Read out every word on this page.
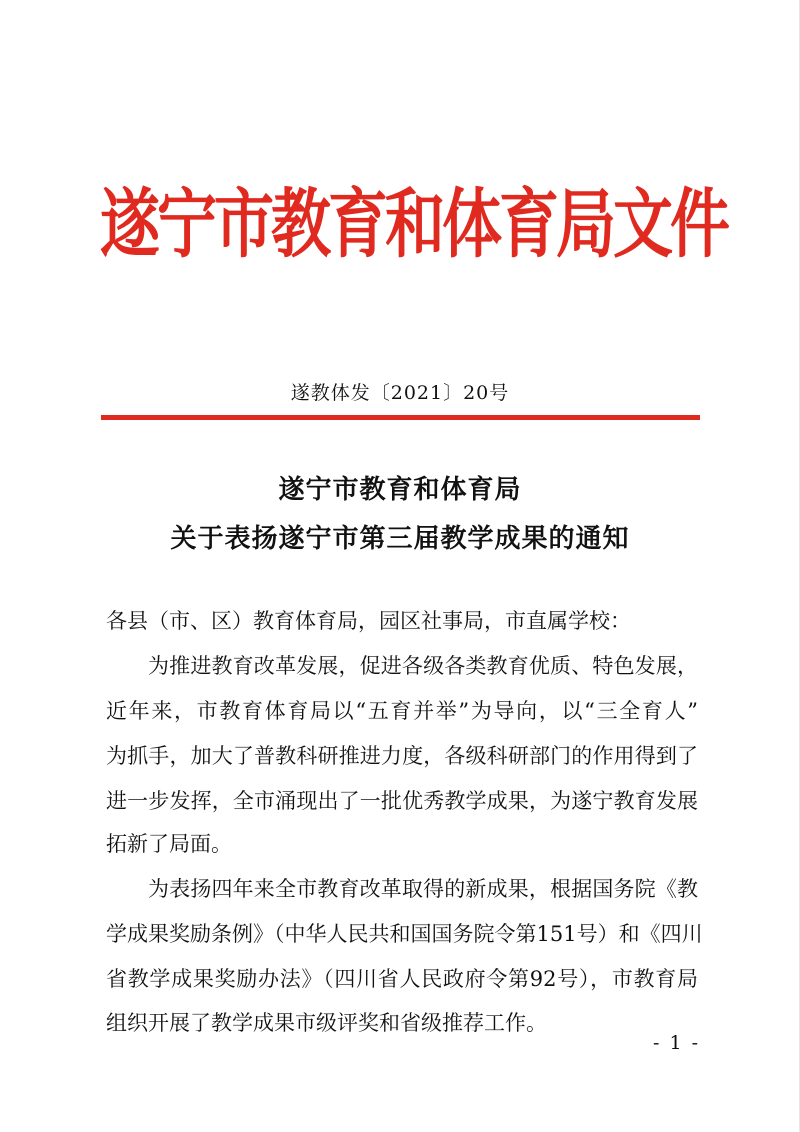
遂宁市教育和体育局文件
遂教体发〔2021〕20号
遂宁市教育和体育局
关于表扬遂宁市第三届教学成果的通知
各县（市、区）教育体育局，园区社事局，市直属学校：
为推进教育改革发展，促进各级各类教育优质、特色发展，
近年来，市教育体育局以“五育并举”为导向，以“三全育人”
为抓手，加大了普教科研推进力度，各级科研部门的作用得到了
进一步发挥，全市涌现出了一批优秀教学成果，为遂宁教育发展
拓新了局面。
为表扬四年来全市教育改革取得的新成果，根据国务院《教
学成果奖励条例》（中华人民共和国国务院令第151号）和《四川
省教学成果奖励办法》（四川省人民政府令第92号），市教育局
组织开展了教学成果市级评奖和省级推荐工作。
- 1 -
